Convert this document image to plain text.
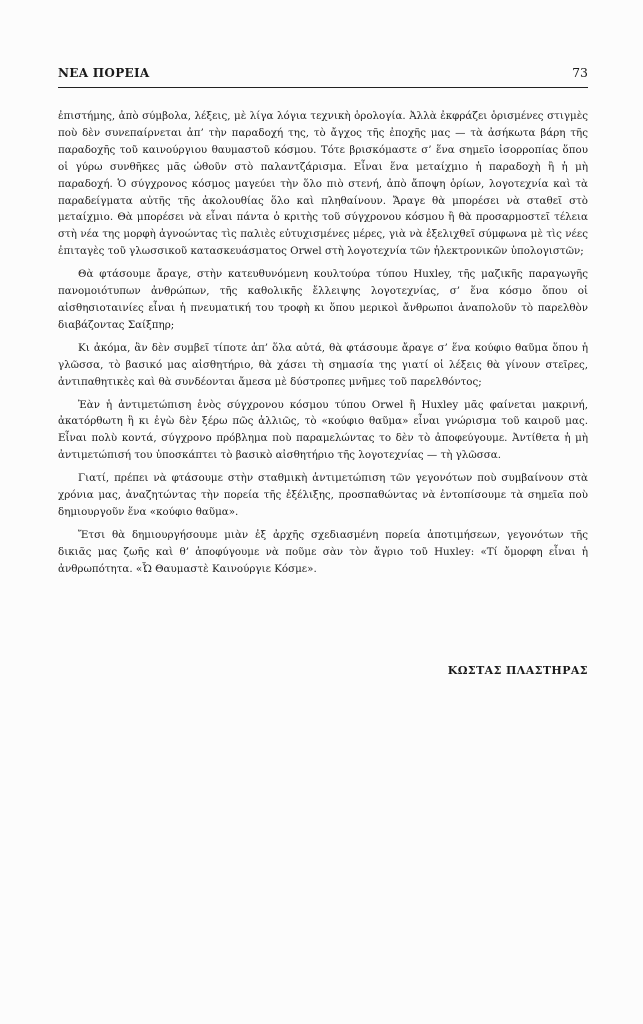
ΝΕΑ ΠΟΡΕΙΑ	73

ἐπιστήμης, ἀπὸ σύμβολα, λέξεις, μὲ λίγα λόγια τεχνικὴ ὁρολογία. Ἀλλὰ ἐκφράζει ὁρισμένες στιγμὲς ποὺ δὲν συνεπαίρνεται ἀπ’ τὴν παραδοχή της, τὸ ἄγχος τῆς ἐποχῆς μας — τὰ ἀσήκωτα βάρη τῆς παραδοχῆς τοῦ καινούργιου θαυμαστοῦ κόσμου. Τότε βρισκόμαστε σ’ ἕνα σημεῖο ἰσορροπίας ὅπου οἱ γύρω συνθῆκες μᾶς ὠθοῦν στὸ παλαντζάρισμα. Εἶναι ἕνα μεταίχμιο ἡ παραδοχὴ ἢ ἡ μὴ παραδοχή. Ὁ σύγχρονος κόσμος μαγεύει τὴν ὅλο πιὸ στενή, ἀπὸ ἄποψη ὁρίων, λογοτεχνία καὶ τὰ παραδείγματα αὐτῆς τῆς ἀκολουθίας ὅλο καὶ πληθαίνουν. Ἄραγε θὰ μπορέσει νὰ σταθεῖ στὸ μεταίχμιο. Θὰ μπορέσει νὰ εἶναι πάντα ὁ κριτὴς τοῦ σύγχρονου κόσμου ἢ θὰ προσαρμοστεῖ τέλεια στὴ νέα της μορφὴ ἀγνοώντας τὶς παλιὲς εὐτυχισμένες μέρες, γιὰ νὰ ἐξελιχθεῖ σύμφωνα μὲ τὶς νέες ἐπιταγὲς τοῦ γλωσσικοῦ κατασκευάσματος Orwel στὴ λογοτεχνία τῶν ἠλεκτρονικῶν ὑπολογιστῶν;

Θὰ φτάσουμε ἄραγε, στὴν κατευθυνόμενη κουλτούρα τύπου Huxley, τῆς μαζικῆς παραγωγῆς πανομοιότυπων ἀνθρώπων, τῆς καθολικῆς ἔλλειψης λογοτεχνίας, σ’ ἕνα κόσμο ὅπου οἱ αἰσθησιοταινίες εἶναι ἡ πνευματική του τροφὴ κι ὅπου μερικοὶ ἄνθρωποι ἀναπολοῦν τὸ παρελθὸν διαβάζοντας Σαίξπηρ;

Κι ἀκόμα, ἂν δὲν συμβεῖ τίποτε ἀπ’ ὅλα αὐτά, θὰ φτάσουμε ἄραγε σ’ ἕνα κούφιο θαῦμα ὅπου ἡ γλῶσσα, τὸ βασικό μας αἰσθητήριο, θὰ χάσει τὴ σημασία της γιατί οἱ λέξεις θὰ γίνουν στεῖρες, ἀντιπαθητικὲς καὶ θὰ συνδέονται ἄμεσα μὲ δύστροπες μνῆμες τοῦ παρελθόντος;

Ἐὰν ἡ ἀντιμετώπιση ἑνὸς σύγχρονου κόσμου τύπου Orwel ἢ Huxley μᾶς φαίνεται μακρινή, ἀκατόρθωτη ἢ κι ἐγὼ δὲν ξέρω πῶς ἀλλιῶς, τὸ «κούφιο θαῦμα» εἶναι γνώρισμα τοῦ καιροῦ μας. Εἶναι πολὺ κοντά, σύγχρονο πρόβλημα ποὺ παραμελώντας το δὲν τὸ ἀποφεύγουμε. Ἀντίθετα ἡ μὴ ἀντιμετώπισή του ὑποσκάπτει τὸ βασικὸ αἰσθητήριο τῆς λογοτεχνίας — τὴ γλῶσσα.

Γιατί, πρέπει νὰ φτάσουμε στὴν σταθμικὴ ἀντιμετώπιση τῶν γεγονότων ποὺ συμβαίνουν στὰ χρόνια μας, ἀναζητώντας τὴν πορεία τῆς ἐξέλιξης, προσπαθώντας νὰ ἐντοπίσουμε τὰ σημεῖα ποὺ δημιουργοῦν ἕνα «κούφιο θαῦμα».

Ἔτσι θὰ δημιουργήσουμε μιὰν ἐξ ἀρχῆς σχεδιασμένη πορεία ἀποτιμήσεων, γεγονότων τῆς δικιᾶς μας ζωῆς καὶ θ’ ἀποφύγουμε νὰ ποῦμε σὰν τὸν ἄγριο τοῦ Huxley: «Τί ὄμορφη εἶναι ἡ ἀνθρωπότητα. «Ὦ Θαυμαστὲ Καινούργιε Κόσμε».

ΚΩΣΤΑΣ ΠΛΑΣΤΗΡΑΣ
